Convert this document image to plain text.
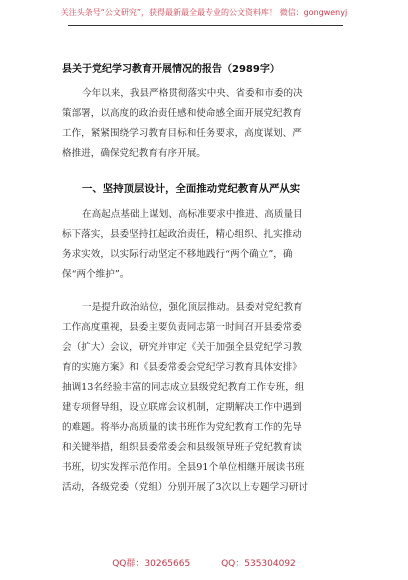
关注头条号“公文研究”，获得最新最全最专业的公文资料库！ 微信：gongwenyj
县关于党纪学习教育开展情况的报告（2989字）
今年以来，我县严格贯彻落实中央、省委和市委的决
策部署，以高度的政治责任感和使命感全面开展党纪教育
工作，紧紧围绕学习教育目标和任务要求，高度谋划、严
格推进，确保党纪教育有序开展。
一、坚持顶层设计，全面推动党纪教育从严从实
在高起点基础上谋划、高标准要求中推进、高质量目
标下落实，县委坚持扛起政治责任，精心组织、扎实推动
务求实效，以实际行动坚定不移地践行“两个确立”，确
保“两个维护”。
一是提升政治站位，强化顶层推动。县委对党纪教育
工作高度重视，县委主要负责同志第一时间召开县委常委
会（扩大）会议，研究并审定《关于加强全县党纪学习教
育的实施方案》和《县委常委会党纪学习教育具体安排》
抽调13名经验丰富的同志成立县级党纪教育工作专班，组
建专项督导组，设立联席会议机制，定期解决工作中遇到
的难题。将举办高质量的读书班作为党纪教育工作的先导
和关键举措，组织县委常委会和县级领导班子党纪教育读
书班，切实发挥示范作用。全县91个单位相继开展读书班
活动，各级党委（党组）分别开展了3次以上专题学习研讨
QQ群：30265665	QQ：535304092
